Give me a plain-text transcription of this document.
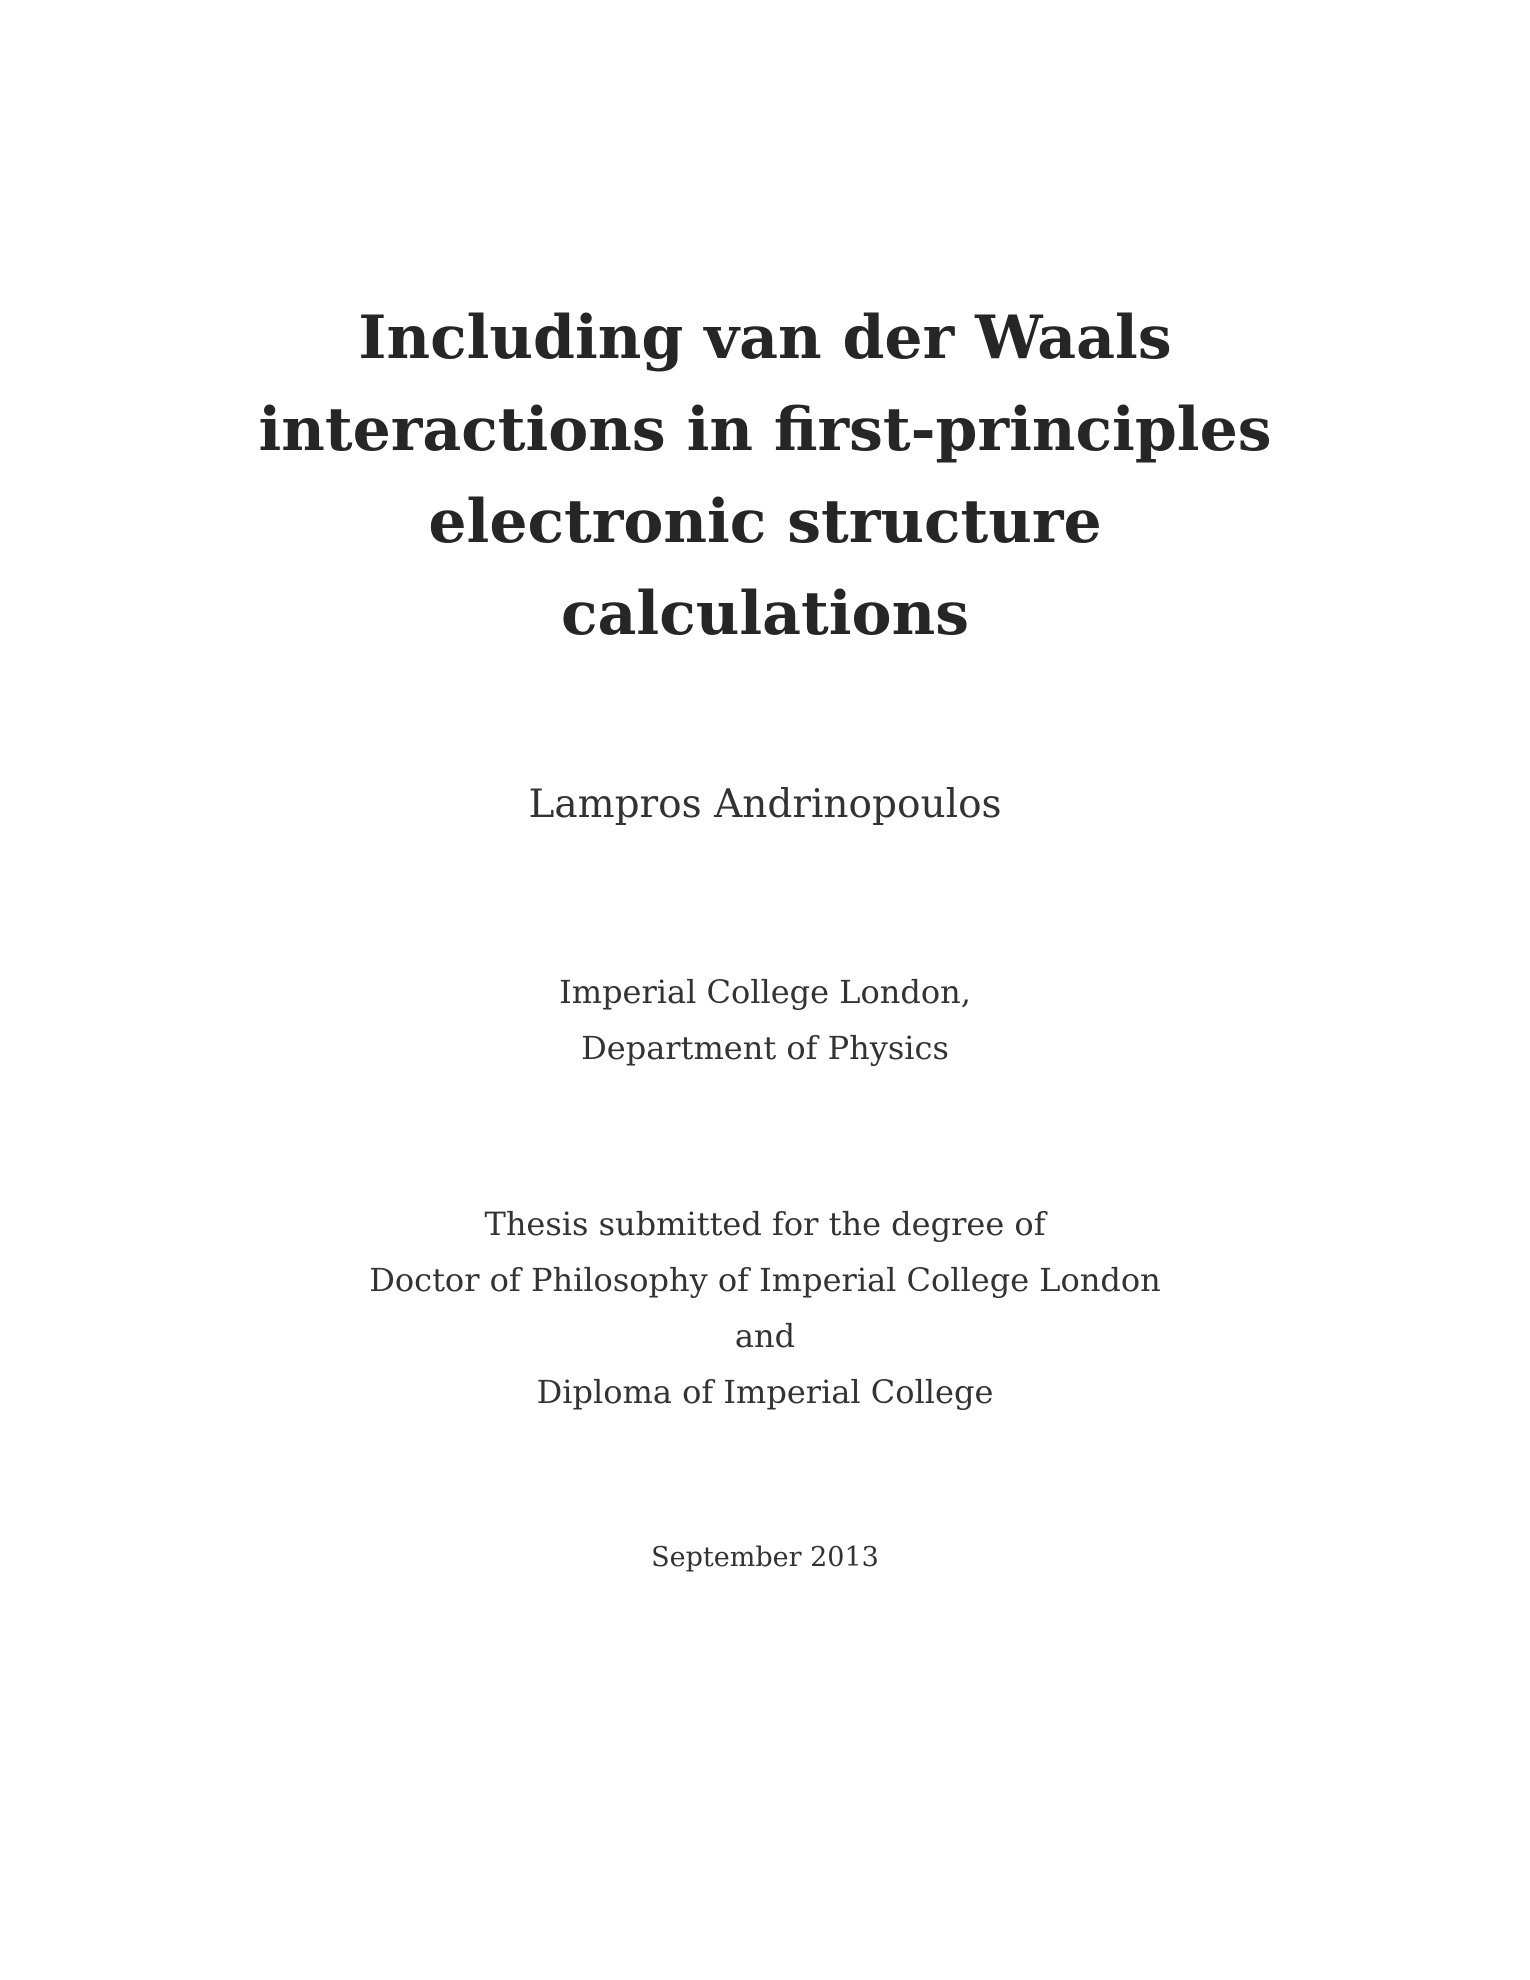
Including van der Waals
interactions in first-principles
electronic structure
calculations
Lampros Andrinopoulos
Imperial College London,
Department of Physics
Thesis submitted for the degree of
Doctor of Philosophy of Imperial College London
and
Diploma of Imperial College
September 2013
